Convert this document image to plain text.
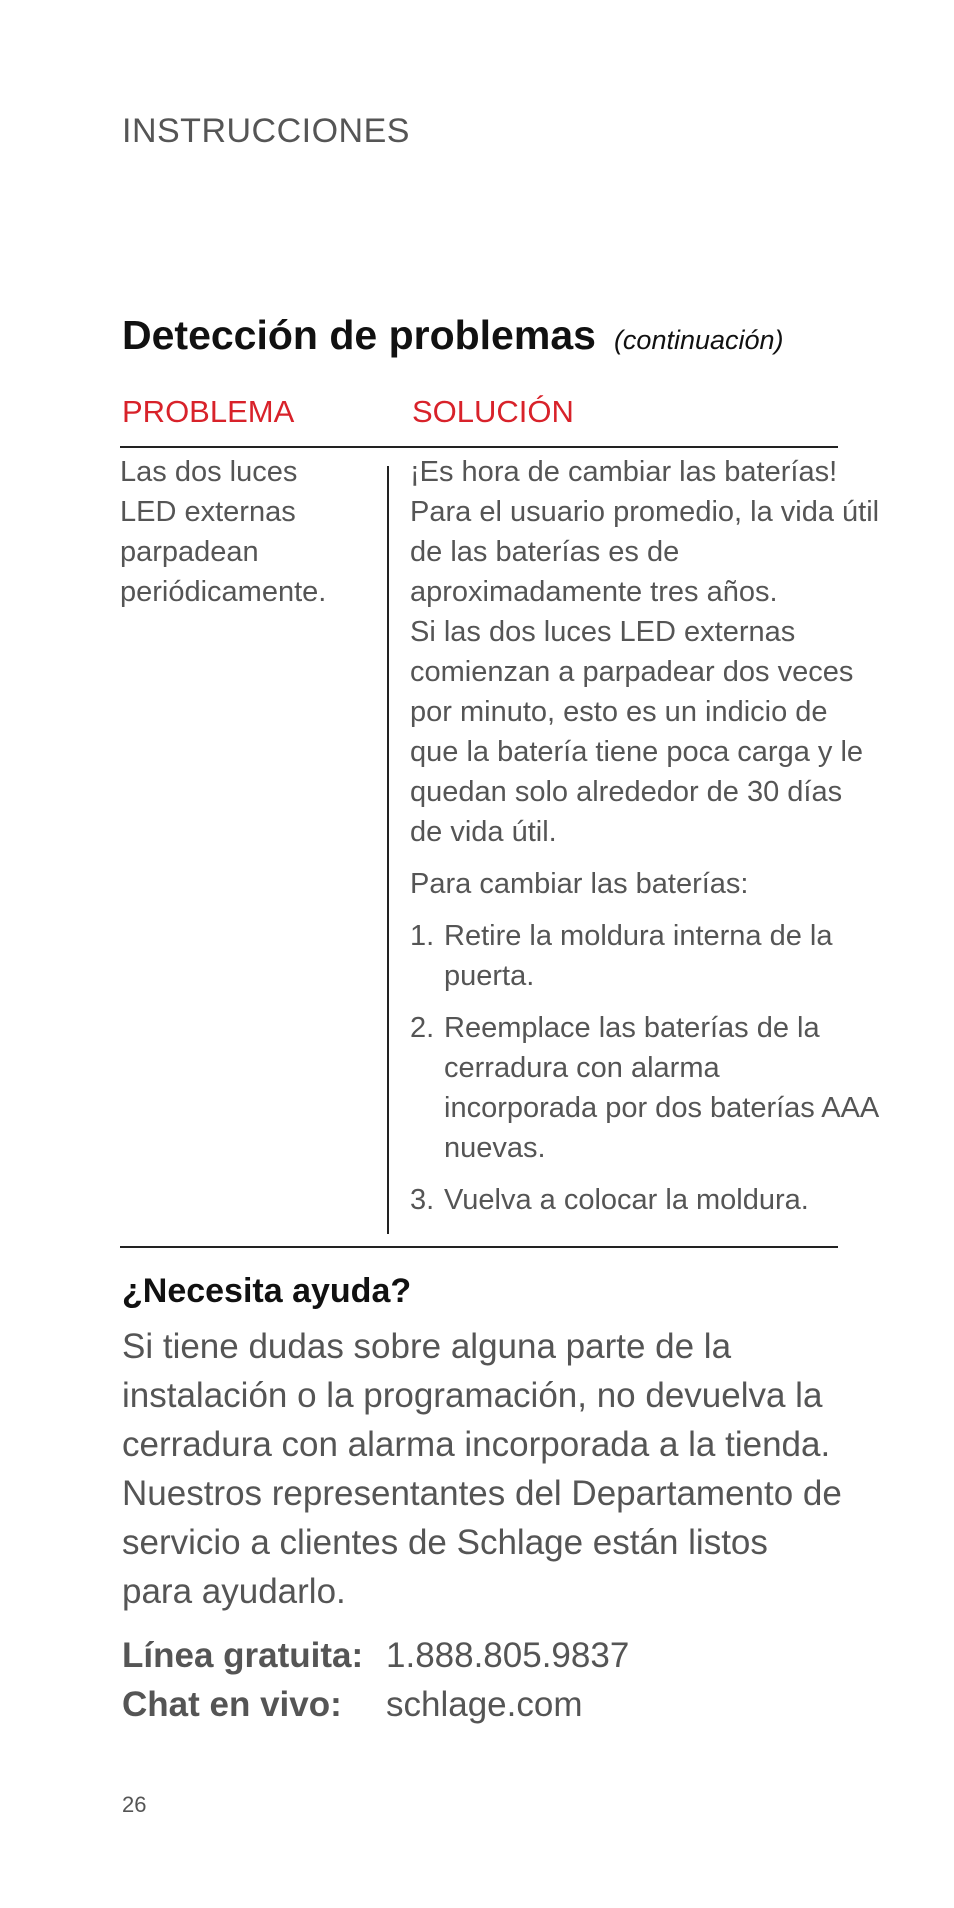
INSTRUCCIONES
Detección de problemas (continuación)
PROBLEMA	SOLUCIÓN
Las dos luces LED externas parpadean periódicamente.

¡Es hora de cambiar las baterías! Para el usuario promedio, la vida útil de las baterías es de aproximadamente tres años.

Si las dos luces LED externas comienzan a parpadear dos veces por minuto, esto es un indicio de que la batería tiene poca carga y le quedan solo alrededor de 30 días de vida útil.

Para cambiar las baterías:

1. Retire la moldura interna de la puerta.
2. Reemplace las baterías de la cerradura con alarma incorporada por dos baterías AAA nuevas.
3. Vuelva a colocar la moldura.
¿Necesita ayuda?
Si tiene dudas sobre alguna parte de la instalación o la programación, no devuelva la cerradura con alarma incorporada a la tienda. Nuestros representantes del Departamento de servicio a clientes de Schlage están listos para ayudarlo.
Línea gratuita: 1.888.805.9837
Chat en vivo: schlage.com
26
